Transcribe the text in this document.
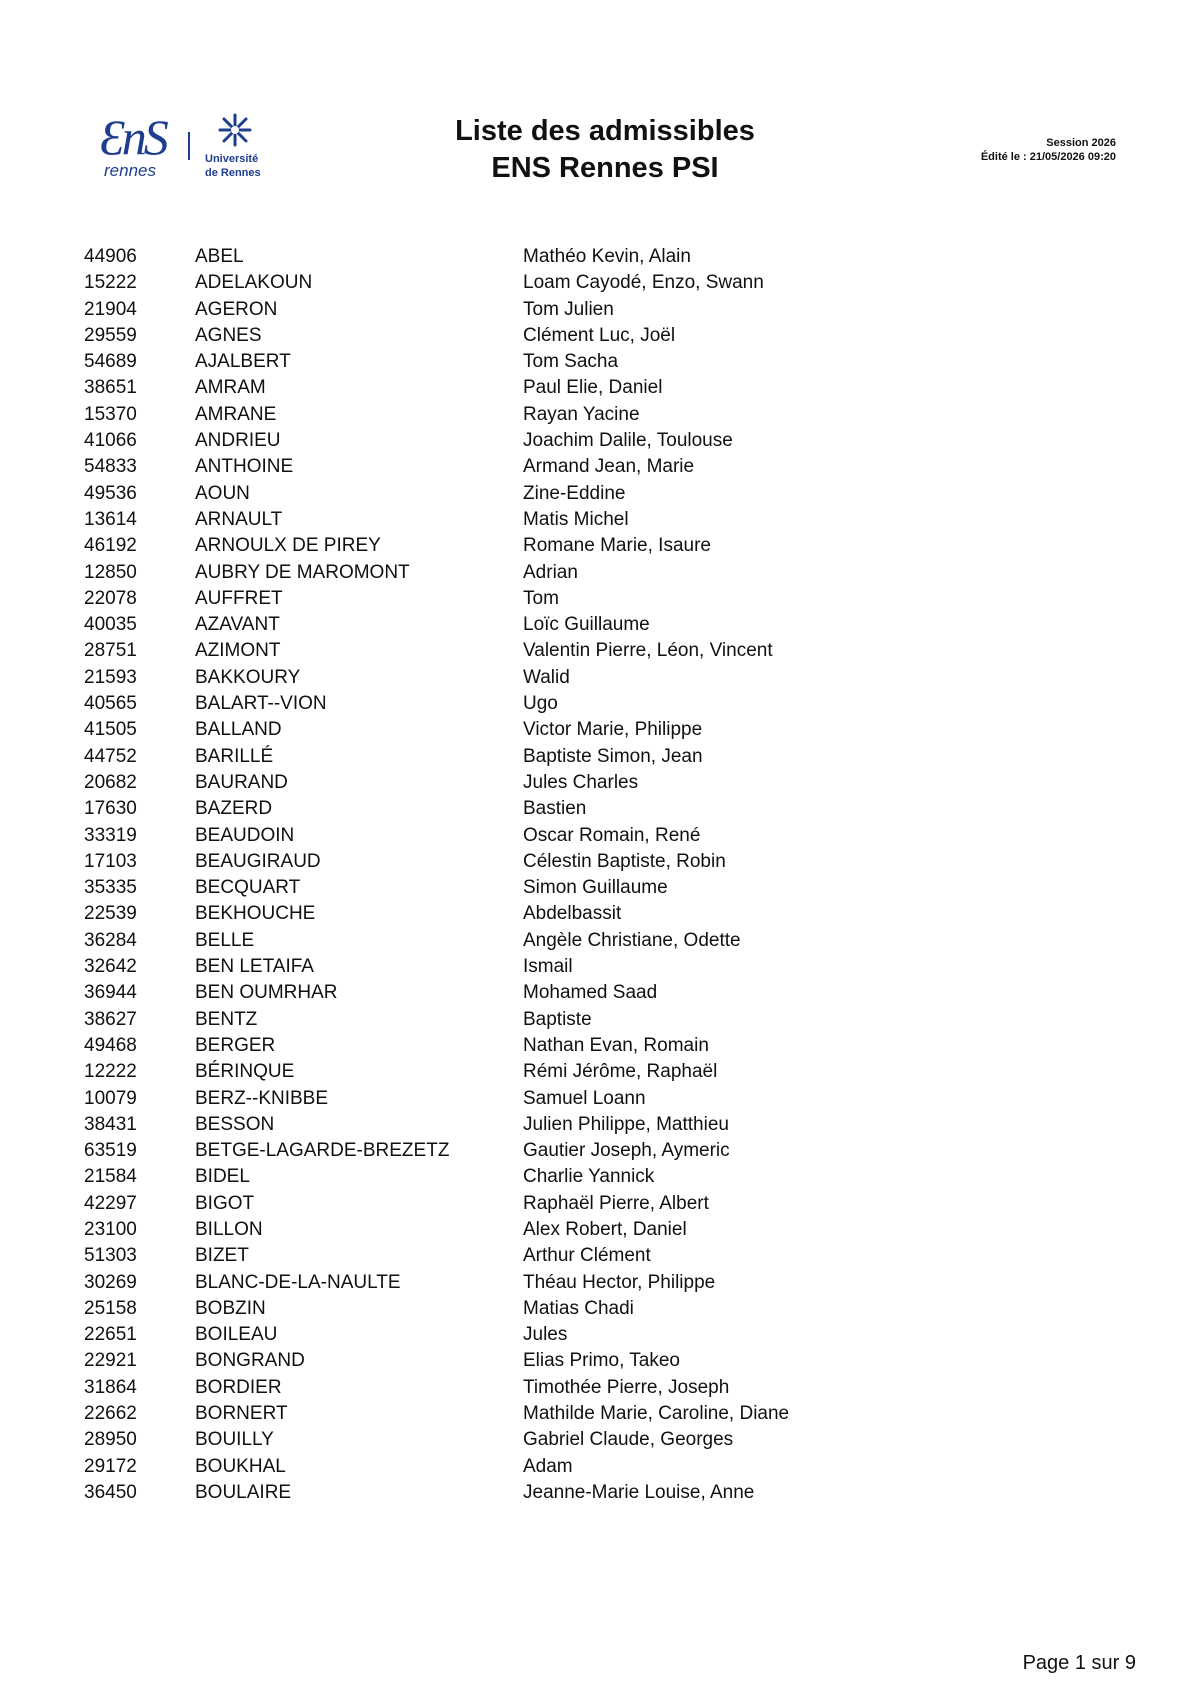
ƐnS
rennes
Université
de Rennes
Liste des admissibles
ENS Rennes PSI
Session 2026
Édité le : 21/05/2026 09:20
44906	ABEL	Mathéo Kevin, Alain
15222	ADELAKOUN	Loam Cayodé, Enzo, Swann
21904	AGERON	Tom Julien
29559	AGNES	Clément Luc, Joël
54689	AJALBERT	Tom Sacha
38651	AMRAM	Paul Elie, Daniel
15370	AMRANE	Rayan Yacine
41066	ANDRIEU	Joachim Dalile, Toulouse
54833	ANTHOINE	Armand Jean, Marie
49536	AOUN	Zine-Eddine
13614	ARNAULT	Matis Michel
46192	ARNOULX DE PIREY	Romane Marie, Isaure
12850	AUBRY DE MAROMONT	Adrian
22078	AUFFRET	Tom
40035	AZAVANT	Loïc Guillaume
28751	AZIMONT	Valentin Pierre, Léon, Vincent
21593	BAKKOURY	Walid
40565	BALART--VION	Ugo
41505	BALLAND	Victor Marie, Philippe
44752	BARILLÉ	Baptiste Simon, Jean
20682	BAURAND	Jules Charles
17630	BAZERD	Bastien
33319	BEAUDOIN	Oscar Romain, René
17103	BEAUGIRAUD	Célestin Baptiste, Robin
35335	BECQUART	Simon Guillaume
22539	BEKHOUCHE	Abdelbassit
36284	BELLE	Angèle Christiane, Odette
32642	BEN LETAIFA	Ismail
36944	BEN OUMRHAR	Mohamed Saad
38627	BENTZ	Baptiste
49468	BERGER	Nathan Evan, Romain
12222	BÉRINQUE	Rémi Jérôme, Raphaël
10079	BERZ--KNIBBE	Samuel Loann
38431	BESSON	Julien Philippe, Matthieu
63519	BETGE-LAGARDE-BREZETZ	Gautier Joseph, Aymeric
21584	BIDEL	Charlie Yannick
42297	BIGOT	Raphaël Pierre, Albert
23100	BILLON	Alex Robert, Daniel
51303	BIZET	Arthur Clément
30269	BLANC-DE-LA-NAULTE	Théau Hector, Philippe
25158	BOBZIN	Matias Chadi
22651	BOILEAU	Jules
22921	BONGRAND	Elias Primo, Takeo
31864	BORDIER	Timothée Pierre, Joseph
22662	BORNERT	Mathilde Marie, Caroline, Diane
28950	BOUILLY	Gabriel Claude, Georges
29172	BOUKHAL	Adam
36450	BOULAIRE	Jeanne-Marie Louise, Anne
Page 1 sur 9
